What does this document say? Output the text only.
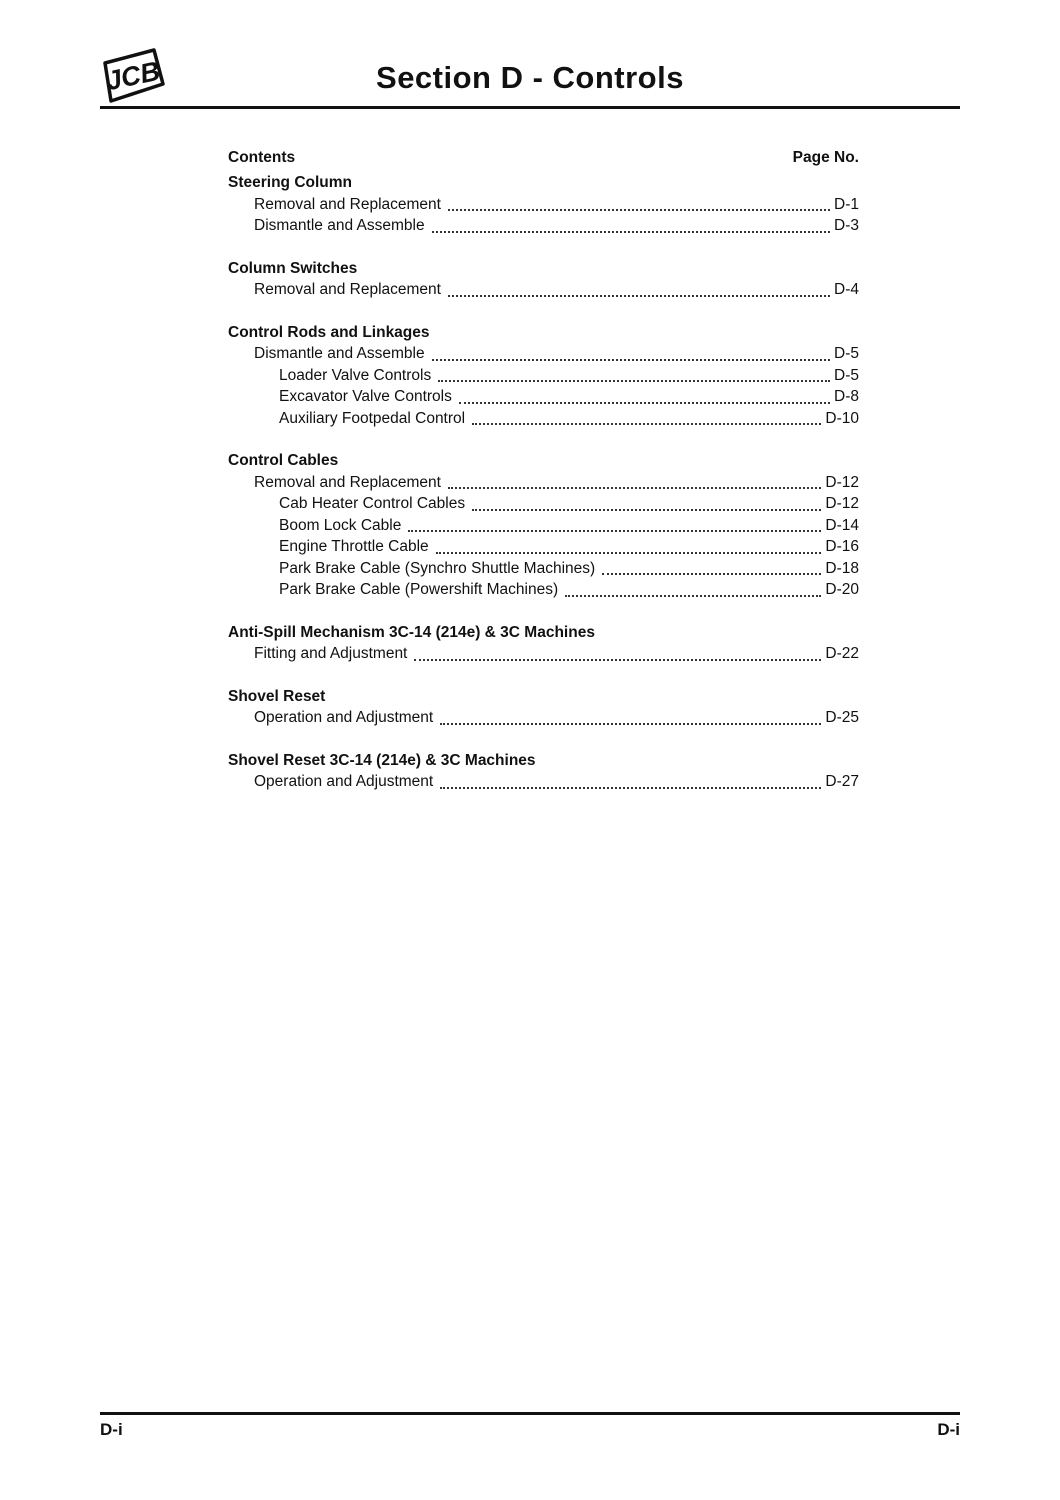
JCB	Section D - Controls
Contents	Page No.
Steering Column
Removal and Replacement	D-1
Dismantle and Assemble	D-3
Column Switches
Removal and Replacement	D-4
Control Rods and Linkages
Dismantle and Assemble	D-5
Loader Valve Controls	D-5
Excavator Valve Controls	D-8
Auxiliary Footpedal Control	D-10
Control Cables
Removal and Replacement	D-12
Cab Heater Control Cables	D-12
Boom Lock Cable	D-14
Engine Throttle Cable	D-16
Park Brake Cable (Synchro Shuttle Machines)	D-18
Park Brake Cable (Powershift Machines)	D-20
Anti-Spill Mechanism 3C-14 (214e) & 3C Machines
Fitting and Adjustment	D-22
Shovel Reset
Operation and Adjustment	D-25
Shovel Reset 3C-14 (214e) & 3C Machines
Operation and Adjustment	D-27
D-i	D-i
